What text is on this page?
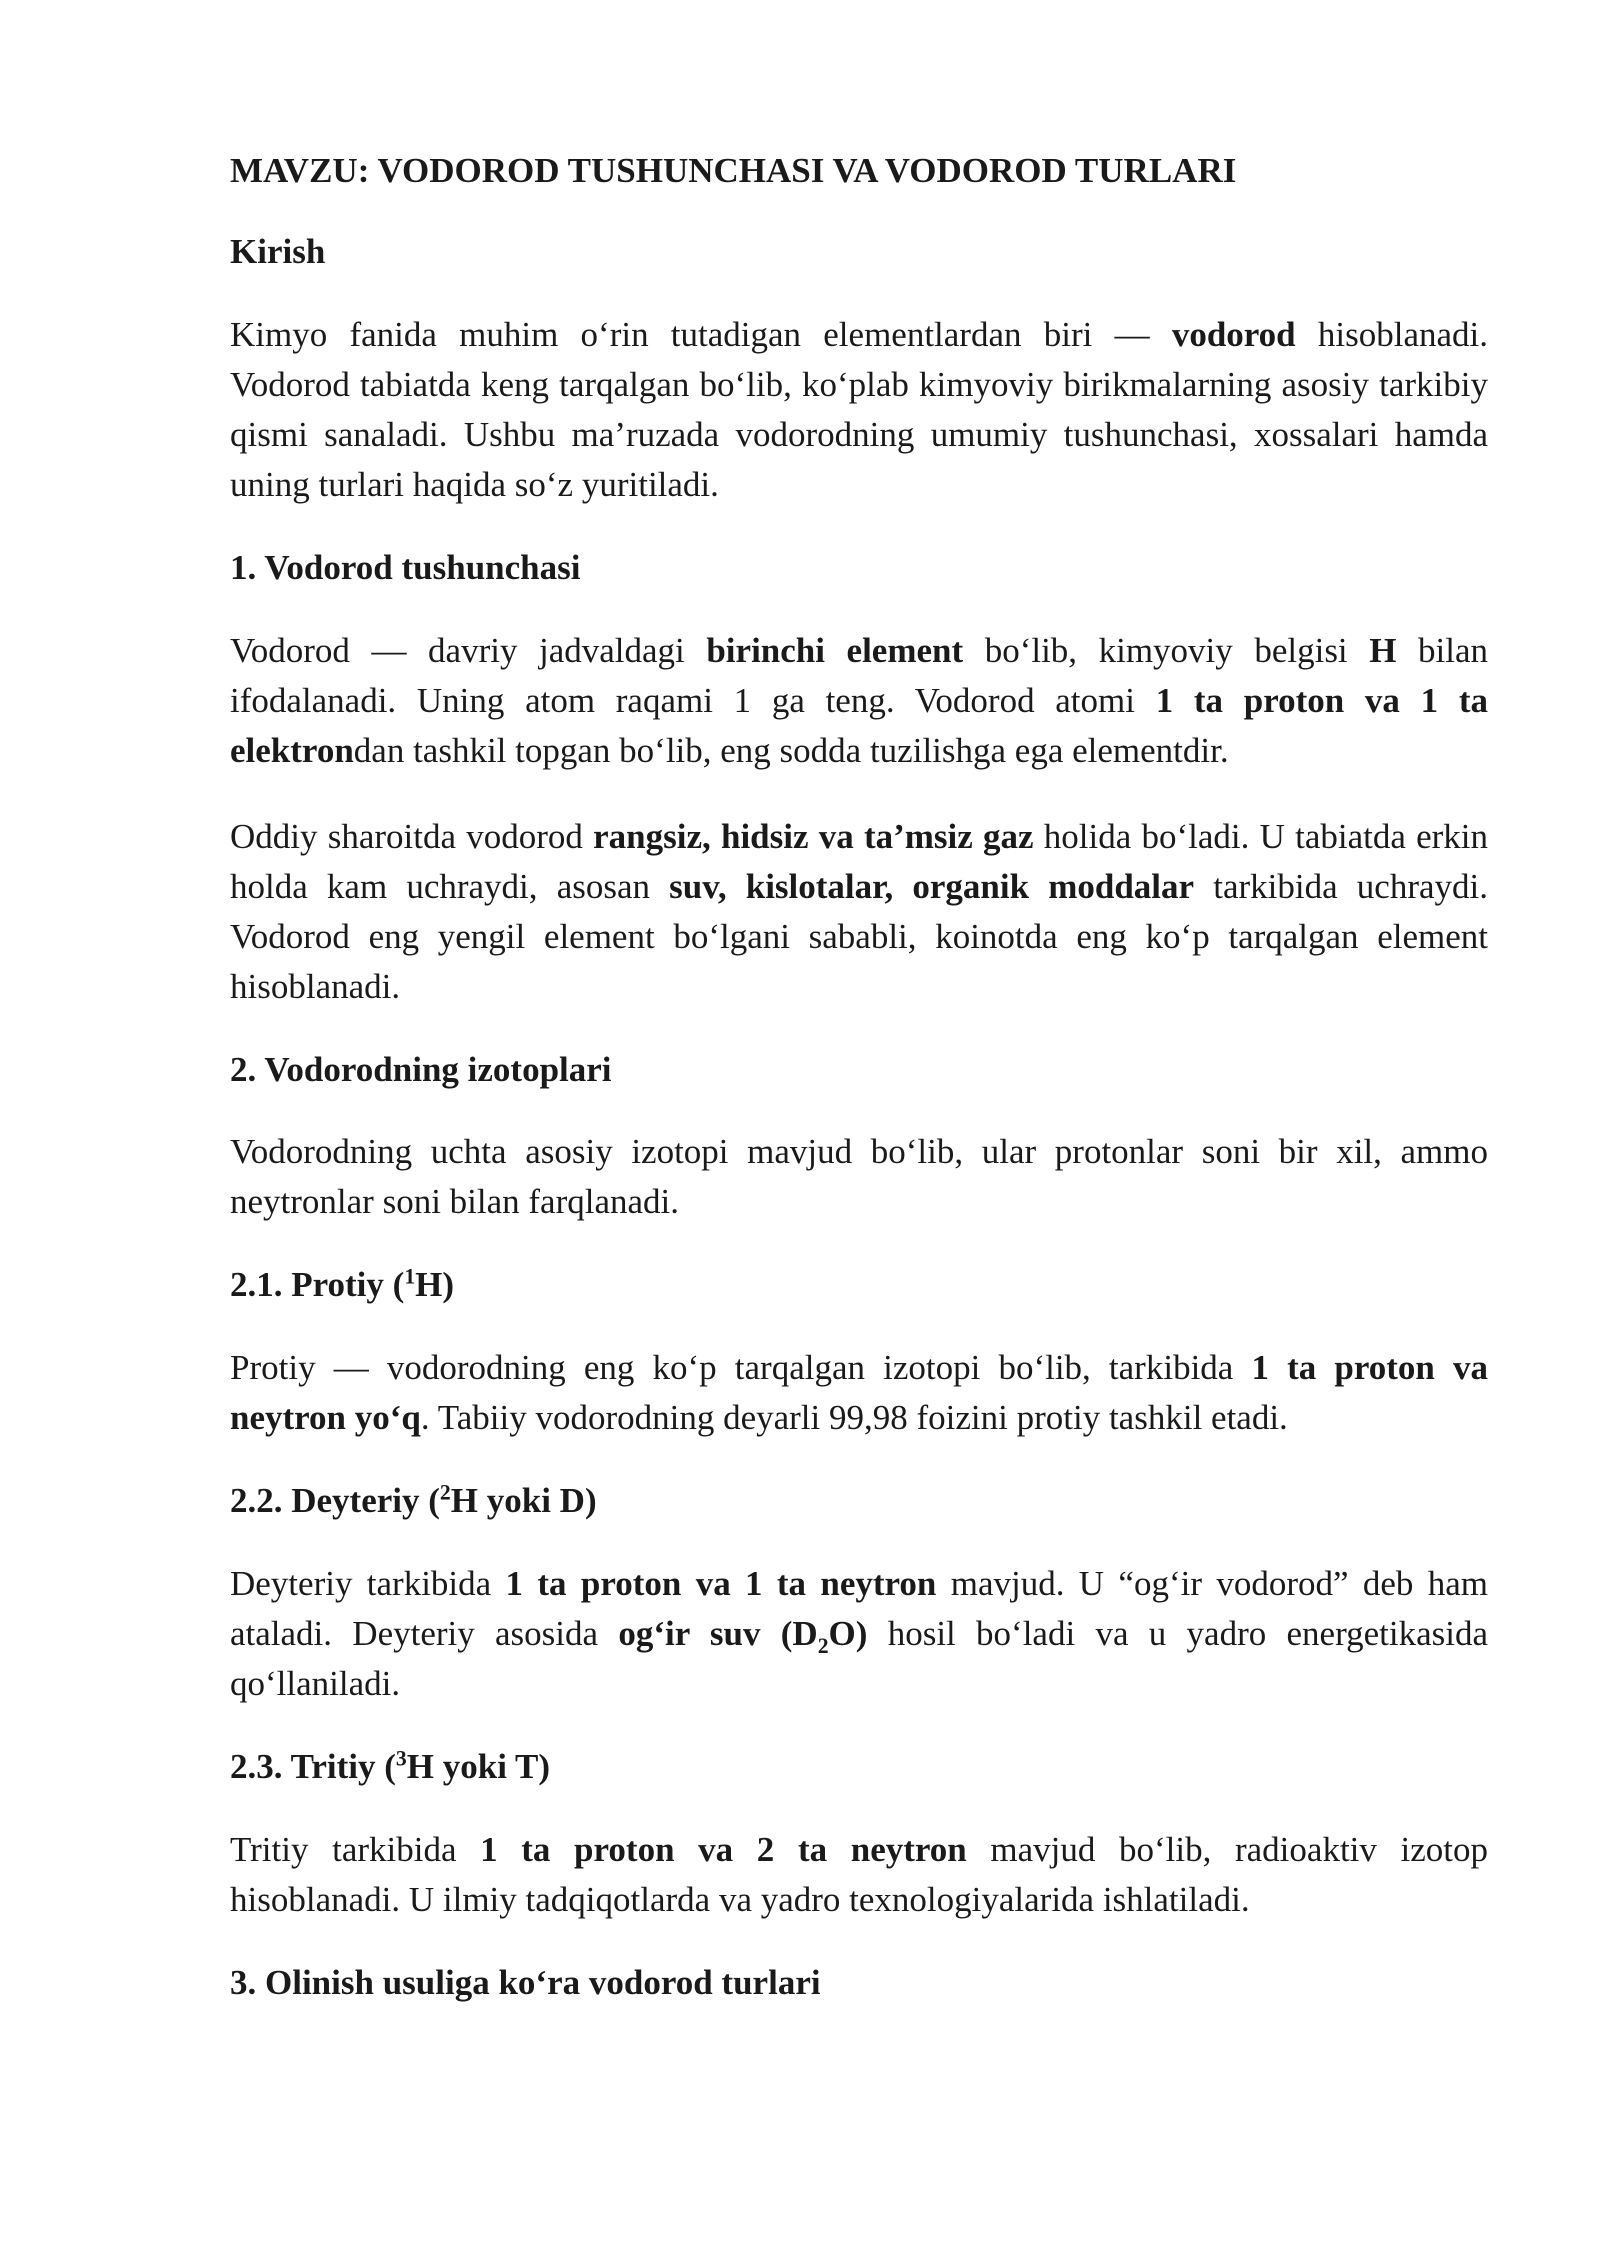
MAVZU: VODOROD TUSHUNCHASI VA VODOROD TURLARI
Kirish

Kimyo fanida muhim o‘rin tutadigan elementlardan biri — vodorod hisoblanadi. Vodorod tabiatda keng tarqalgan bo‘lib, ko‘plab kimyoviy birikmalarning asosiy tarkibiy qismi sanaladi. Ushbu ma’ruzada vodorodning umumiy tushunchasi, xossalari hamda uning turlari haqida so‘z yuritiladi.

1. Vodorod tushunchasi

Vodorod — davriy jadvaldagi birinchi element bo‘lib, kimyoviy belgisi H bilan ifodalanadi. Uning atom raqami 1 ga teng. Vodorod atomi 1 ta proton va 1 ta elektrondan tashkil topgan bo‘lib, eng sodda tuzilishga ega elementdir.

Oddiy sharoitda vodorod rangsiz, hidsiz va ta’msiz gaz holida bo‘ladi. U tabiatda erkin holda kam uchraydi, asosan suv, kislotalar, organik moddalar tarkibida uchraydi. Vodorod eng yengil element bo‘lgani sababli, koinotda eng ko‘p tarqalgan element hisoblanadi.

2. Vodorodning izotoplari

Vodorodning uchta asosiy izotopi mavjud bo‘lib, ular protonlar soni bir xil, ammo neytronlar soni bilan farqlanadi.

2.1. Protiy ($^1$H)

Protiy — vodorodning eng ko‘p tarqalgan izotopi bo‘lib, tarkibida 1 ta proton va neytron yo‘q. Tabiiy vodorodning deyarli 99,98 foizini protiy tashkil etadi.

2.2. Deyteriy ($^2$H yoki D)

Deyteriy tarkibida 1 ta proton va 1 ta neytron mavjud. U “og‘ir vodorod” deb ham ataladi. Deyteriy asosida og‘ir suv $(D_2O)$ hosil bo‘ladi va u yadro energetikasida qo‘llaniladi.

2.3. Tritiy ($^3$H yoki T)

Tritiy tarkibida 1 ta proton va 2 ta neytron mavjud bo‘lib, radioaktiv izotop hisoblanadi. U ilmiy tadqiqotlarda va yadro texnologiyalarida ishlatiladi.

3. Olinish usuliga ko‘ra vodorod turlari
